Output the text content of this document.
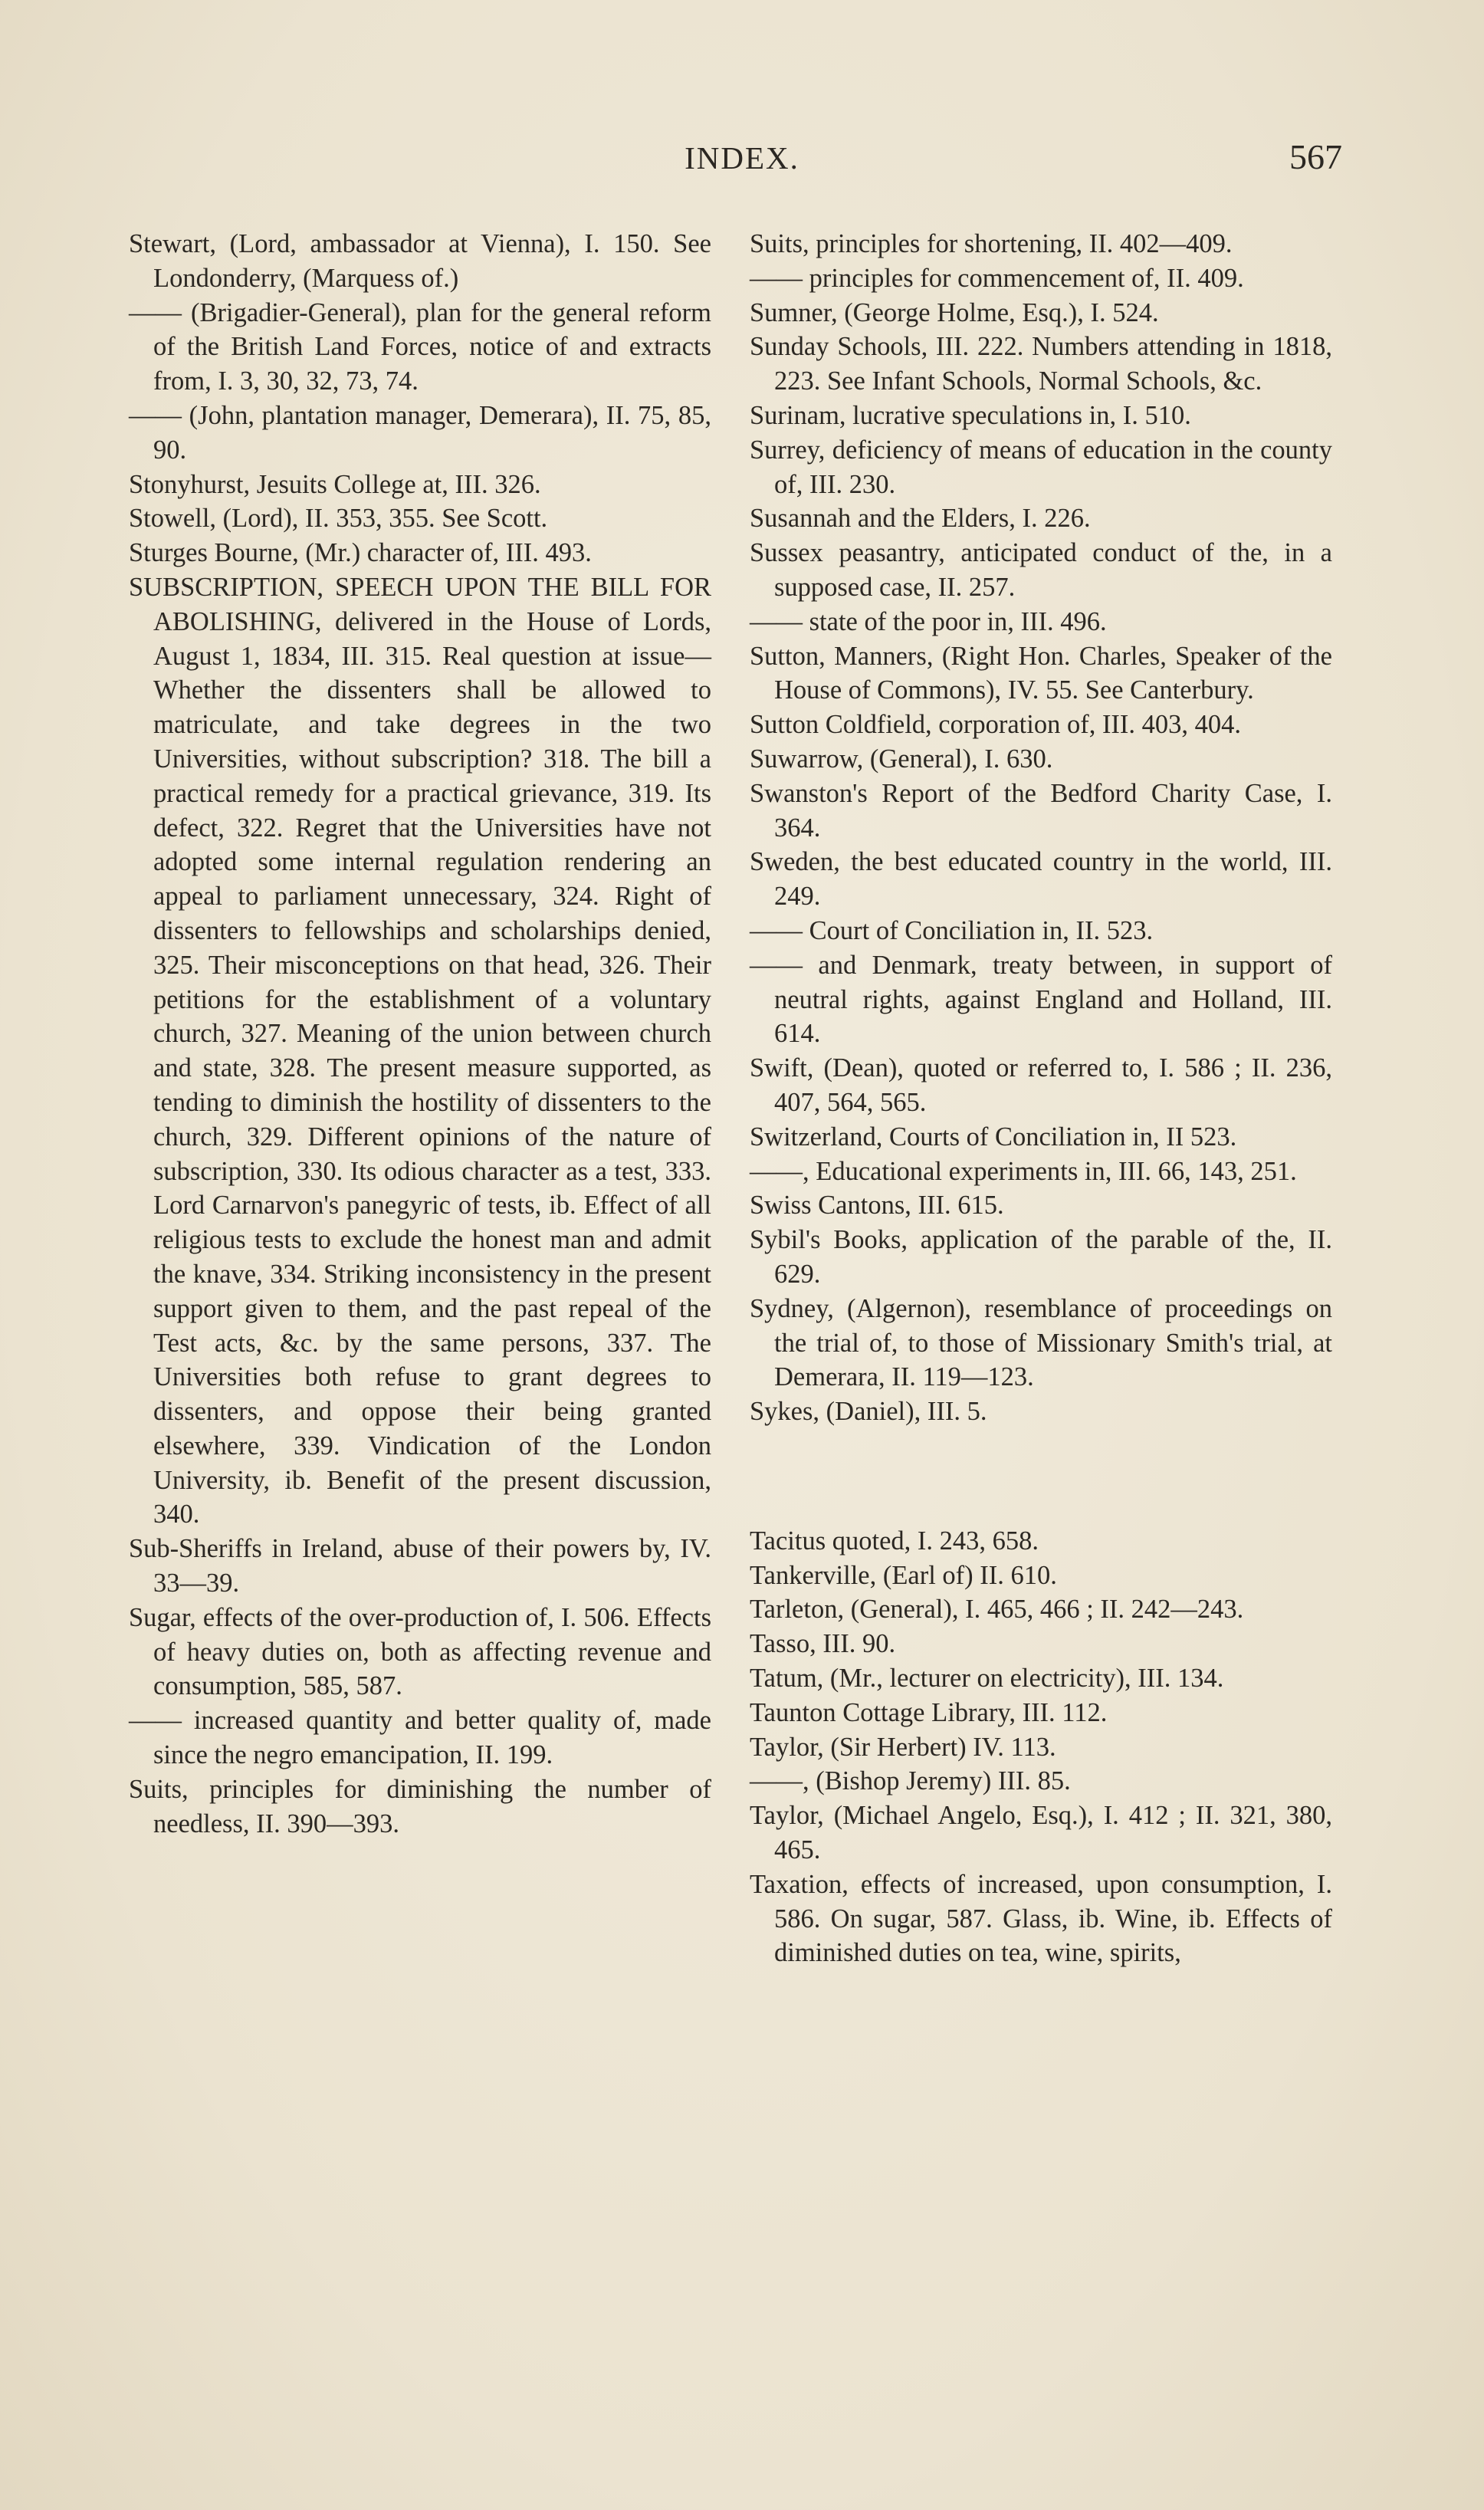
INDEX.	567

Stewart, (Lord, ambassador at Vienna), I. 150. See Londonderry, (Marquess of.)

—— (Brigadier-General), plan for the general reform of the British Land Forces, notice of and extracts from, I. 3, 30, 32, 73, 74.

—— (John, plantation manager, Demerara), II. 75, 85, 90.

Stonyhurst, Jesuits College at, III. 326.

Stowell, (Lord), II. 353, 355. See Scott.

Sturges Bourne, (Mr.) character of, III. 493.

SUBSCRIPTION, SPEECH UPON THE BILL FOR ABOLISHING, delivered in the House of Lords, August 1, 1834, III. 315. Real question at issue—Whether the dissenters shall be allowed to matriculate, and take degrees in the two Universities, without subscription? 318. The bill a practical remedy for a practical grievance, 319. Its defect, 322. Regret that the Universities have not adopted some internal regulation rendering an appeal to parliament unnecessary, 324. Right of dissenters to fellowships and scholarships denied, 325. Their misconceptions on that head, 326. Their petitions for the establishment of a voluntary church, 327. Meaning of the union between church and state, 328. The present measure supported, as tending to diminish the hostility of dissenters to the church, 329. Different opinions of the nature of subscription, 330. Its odious character as a test, 333. Lord Carnarvon's panegyric of tests, ib. Effect of all religious tests to exclude the honest man and admit the knave, 334. Striking inconsistency in the present support given to them, and the past repeal of the Test acts, &c. by the same persons, 337. The Universities both refuse to grant degrees to dissenters, and oppose their being granted elsewhere, 339. Vindication of the London University, ib. Benefit of the present discussion, 340.

Sub-Sheriffs in Ireland, abuse of their powers by, IV. 33—39.

Sugar, effects of the over-production of, I. 506. Effects of heavy duties on, both as affecting revenue and consumption, 585, 587.

—— increased quantity and better quality of, made since the negro emancipation, II. 199.

Suits, principles for diminishing the number of needless, II. 390—393.

Suits, principles for shortening, II. 402—409.

—— principles for commencement of, II. 409.

Sumner, (George Holme, Esq.), I. 524.

Sunday Schools, III. 222. Numbers attending in 1818, 223. See Infant Schools, Normal Schools, &c.

Surinam, lucrative speculations in, I. 510.

Surrey, deficiency of means of education in the county of, III. 230.

Susannah and the Elders, I. 226.

Sussex peasantry, anticipated conduct of the, in a supposed case, II. 257.

—— state of the poor in, III. 496.

Sutton, Manners, (Right Hon. Charles, Speaker of the House of Commons), IV. 55. See Canterbury.

Sutton Coldfield, corporation of, III. 403, 404.

Suwarrow, (General), I. 630.

Swanston's Report of the Bedford Charity Case, I. 364.

Sweden, the best educated country in the world, III. 249.

—— Court of Conciliation in, II. 523.

—— and Denmark, treaty between, in support of neutral rights, against England and Holland, III. 614.

Swift, (Dean), quoted or referred to, I. 586 ; II. 236, 407, 564, 565.

Switzerland, Courts of Conciliation in, II 523.

——, Educational experiments in, III. 66, 143, 251.

Swiss Cantons, III. 615.

Sybil's Books, application of the parable of the, II. 629.

Sydney, (Algernon), resemblance of proceedings on the trial of, to those of Missionary Smith's trial, at Demerara, II. 119—123.

Sykes, (Daniel), III. 5.

Tacitus quoted, I. 243, 658.

Tankerville, (Earl of) II. 610.

Tarleton, (General), I. 465, 466 ; II. 242—243.

Tasso, III. 90.

Tatum, (Mr., lecturer on electricity), III. 134.

Taunton Cottage Library, III. 112.

Taylor, (Sir Herbert) IV. 113.

——, (Bishop Jeremy) III. 85.

Taylor, (Michael Angelo, Esq.), I. 412 ; II. 321, 380, 465.

Taxation, effects of increased, upon consumption, I. 586. On sugar, 587. Glass, ib. Wine, ib. Effects of diminished duties on tea, wine, spirits,
